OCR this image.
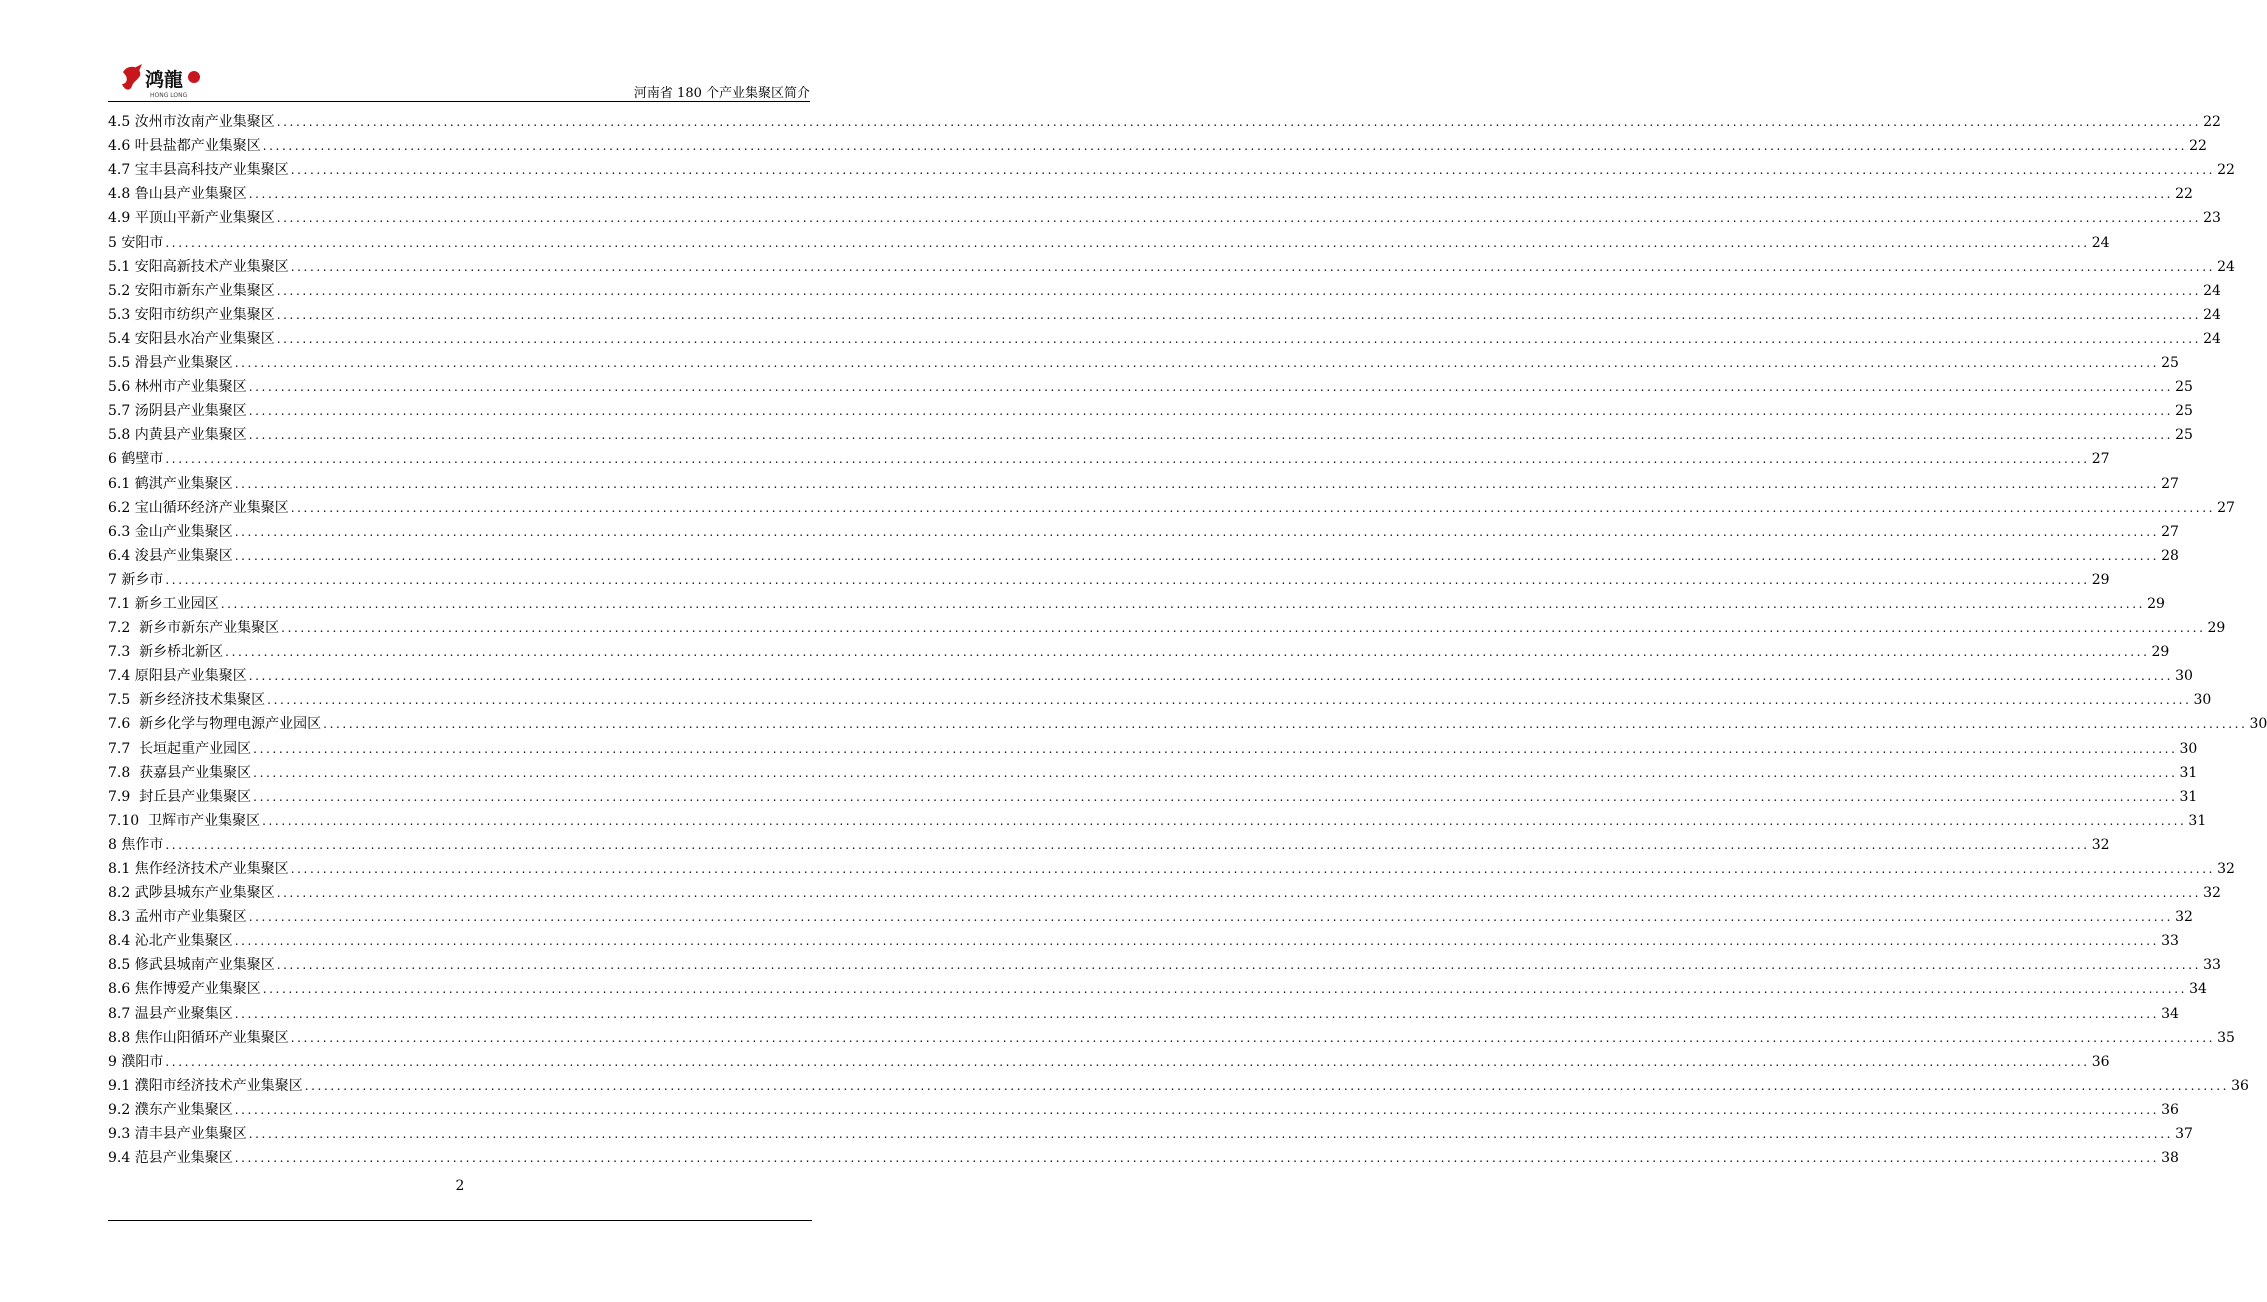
鸿龍
HONG LONG	河南省 180 个产业集聚区简介
4.5 汝州市汝南产业集聚区 ............................................................................................................................................................................................................................................................................................................ 22
4.6 叶县盐都产业集聚区 ............................................................................................................................................................................................................................................................................................................ 22
4.7 宝丰县高科技产业集聚区 ............................................................................................................................................................................................................................................................................................................ 22
4.8 鲁山县产业集聚区 ............................................................................................................................................................................................................................................................................................................ 22
4.9 平顶山平新产业集聚区 ............................................................................................................................................................................................................................................................................................................ 23
5 安阳市 ............................................................................................................................................................................................................................................................................................................ 24
5.1 安阳高新技术产业集聚区 ............................................................................................................................................................................................................................................................................................................ 24
5.2 安阳市新东产业集聚区 ............................................................................................................................................................................................................................................................................................................ 24
5.3 安阳市纺织产业集聚区 ............................................................................................................................................................................................................................................................................................................ 24
5.4 安阳县水冶产业集聚区 ............................................................................................................................................................................................................................................................................................................ 24
5.5 滑县产业集聚区 ............................................................................................................................................................................................................................................................................................................ 25
5.6 林州市产业集聚区 ............................................................................................................................................................................................................................................................................................................ 25
5.7 汤阴县产业集聚区 ............................................................................................................................................................................................................................................................................................................ 25
5.8 内黄县产业集聚区 ............................................................................................................................................................................................................................................................................................................ 25
6 鹤壁市 ............................................................................................................................................................................................................................................................................................................ 27
6.1 鹤淇产业集聚区 ............................................................................................................................................................................................................................................................................................................ 27
6.2 宝山循环经济产业集聚区 ............................................................................................................................................................................................................................................................................................................ 27
6.3 金山产业集聚区 ............................................................................................................................................................................................................................................................................................................ 27
6.4 浚县产业集聚区 ............................................................................................................................................................................................................................................................................................................ 28
7 新乡市 ............................................................................................................................................................................................................................................................................................................ 29
7.1 新乡工业园区 ............................................................................................................................................................................................................................................................................................................ 29
7.2  新乡市新东产业集聚区 ............................................................................................................................................................................................................................................................................................................ 29
7.3  新乡桥北新区 ............................................................................................................................................................................................................................................................................................................ 29
7.4 原阳县产业集聚区 ............................................................................................................................................................................................................................................................................................................ 30
7.5  新乡经济技术集聚区 ............................................................................................................................................................................................................................................................................................................ 30
7.6  新乡化学与物理电源产业园区 ............................................................................................................................................................................................................................................................................................................ 30
7.7  长垣起重产业园区 ............................................................................................................................................................................................................................................................................................................ 30
7.8  获嘉县产业集聚区 ............................................................................................................................................................................................................................................................................................................ 31
7.9  封丘县产业集聚区 ............................................................................................................................................................................................................................................................................................................ 31
7.10  卫辉市产业集聚区 ............................................................................................................................................................................................................................................................................................................ 31
8 焦作市 ............................................................................................................................................................................................................................................................................................................ 32
8.1 焦作经济技术产业集聚区 ............................................................................................................................................................................................................................................................................................................ 32
8.2 武陟县城东产业集聚区 ............................................................................................................................................................................................................................................................................................................ 32
8.3 孟州市产业集聚区 ............................................................................................................................................................................................................................................................................................................ 32
8.4 沁北产业集聚区 ............................................................................................................................................................................................................................................................................................................ 33
8.5 修武县城南产业集聚区 ............................................................................................................................................................................................................................................................................................................ 33
8.6 焦作博爱产业集聚区 ............................................................................................................................................................................................................................................................................................................ 34
8.7 温县产业聚集区 ............................................................................................................................................................................................................................................................................................................ 34
8.8 焦作山阳循环产业集聚区 ............................................................................................................................................................................................................................................................................................................ 35
9 濮阳市 ............................................................................................................................................................................................................................................................................................................ 36
9.1 濮阳市经济技术产业集聚区 ............................................................................................................................................................................................................................................................................................................ 36
9.2 濮东产业集聚区 ............................................................................................................................................................................................................................................................................................................ 36
9.3 清丰县产业集聚区 ............................................................................................................................................................................................................................................................................................................ 37
9.4 范县产业集聚区 ............................................................................................................................................................................................................................................................................................................ 38
2
